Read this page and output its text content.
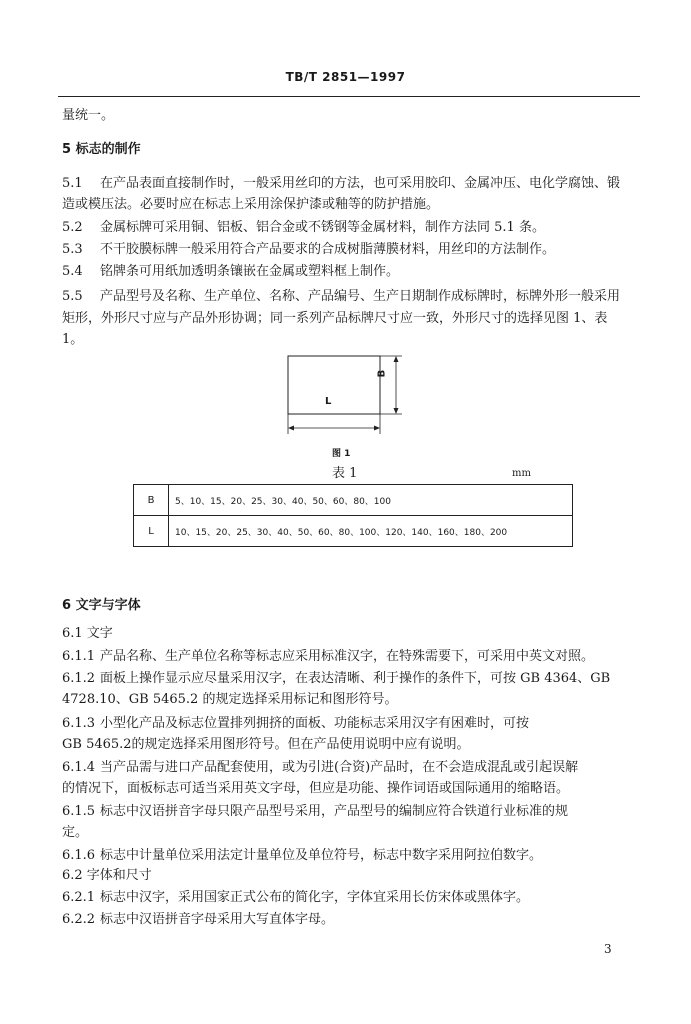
TB/T 2851—1997
量统一。
5 标志的制作
5.1 在产品表面直接制作时，一般采用丝印的方法，也可采用胶印、金属冲压、电化学腐蚀、锻
造或模压法。必要时应在标志上采用涂保护漆或釉等的防护措施。
5.2 金属标牌可采用铜、铝板、铝合金或不锈钢等金属材料，制作方法同 5.1 条。
5.3 不干胶膜标牌一般采用符合产品要求的合成树脂薄膜材料，用丝印的方法制作。
5.4 铭牌条可用纸加透明条镶嵌在金属或塑料框上制作。
5.5 产品型号及名称、生产单位、名称、产品编号、生产日期制作成标牌时，标牌外形一般采用
矩形，外形尺寸应与产品外形协调；同一系列产品标牌尺寸应一致，外形尺寸的选择见图 1、表
1。
B
L
图 1
表 1	mm
B	5、10、15、20、25、30、40、50、60、80、100
L	10、15、20、25、30、40、50、60、80、100、120、140、160、180、200
6 文字与字体
6.1 文字
6.1.1 产品名称、生产单位名称等标志应采用标准汉字，在特殊需要下，可采用中英文对照。
6.1.2 面板上操作显示应尽量采用汉字，在表达清晰、利于操作的条件下，可按 GB 4364、GB
4728.10、GB 5465.2 的规定选择采用标记和图形符号。
6.1.3 小型化产品及标志位置排列拥挤的面板、功能标志采用汉字有困难时，可按
GB 5465.2的规定选择采用图形符号。但在产品使用说明中应有说明。
6.1.4 当产品需与进口产品配套使用，或为引进(合资)产品时，在不会造成混乱或引起误解
的情况下，面板标志可适当采用英文字母，但应是功能、操作词语或国际通用的缩略语。
6.1.5 标志中汉语拼音字母只限产品型号采用，产品型号的编制应符合铁道行业标准的规
定。
6.1.6 标志中计量单位采用法定计量单位及单位符号，标志中数字采用阿拉伯数字。
6.2 字体和尺寸
6.2.1 标志中汉字，采用国家正式公布的简化字，字体宜采用长仿宋体或黑体字。
6.2.2 标志中汉语拼音字母采用大写直体字母。
3
